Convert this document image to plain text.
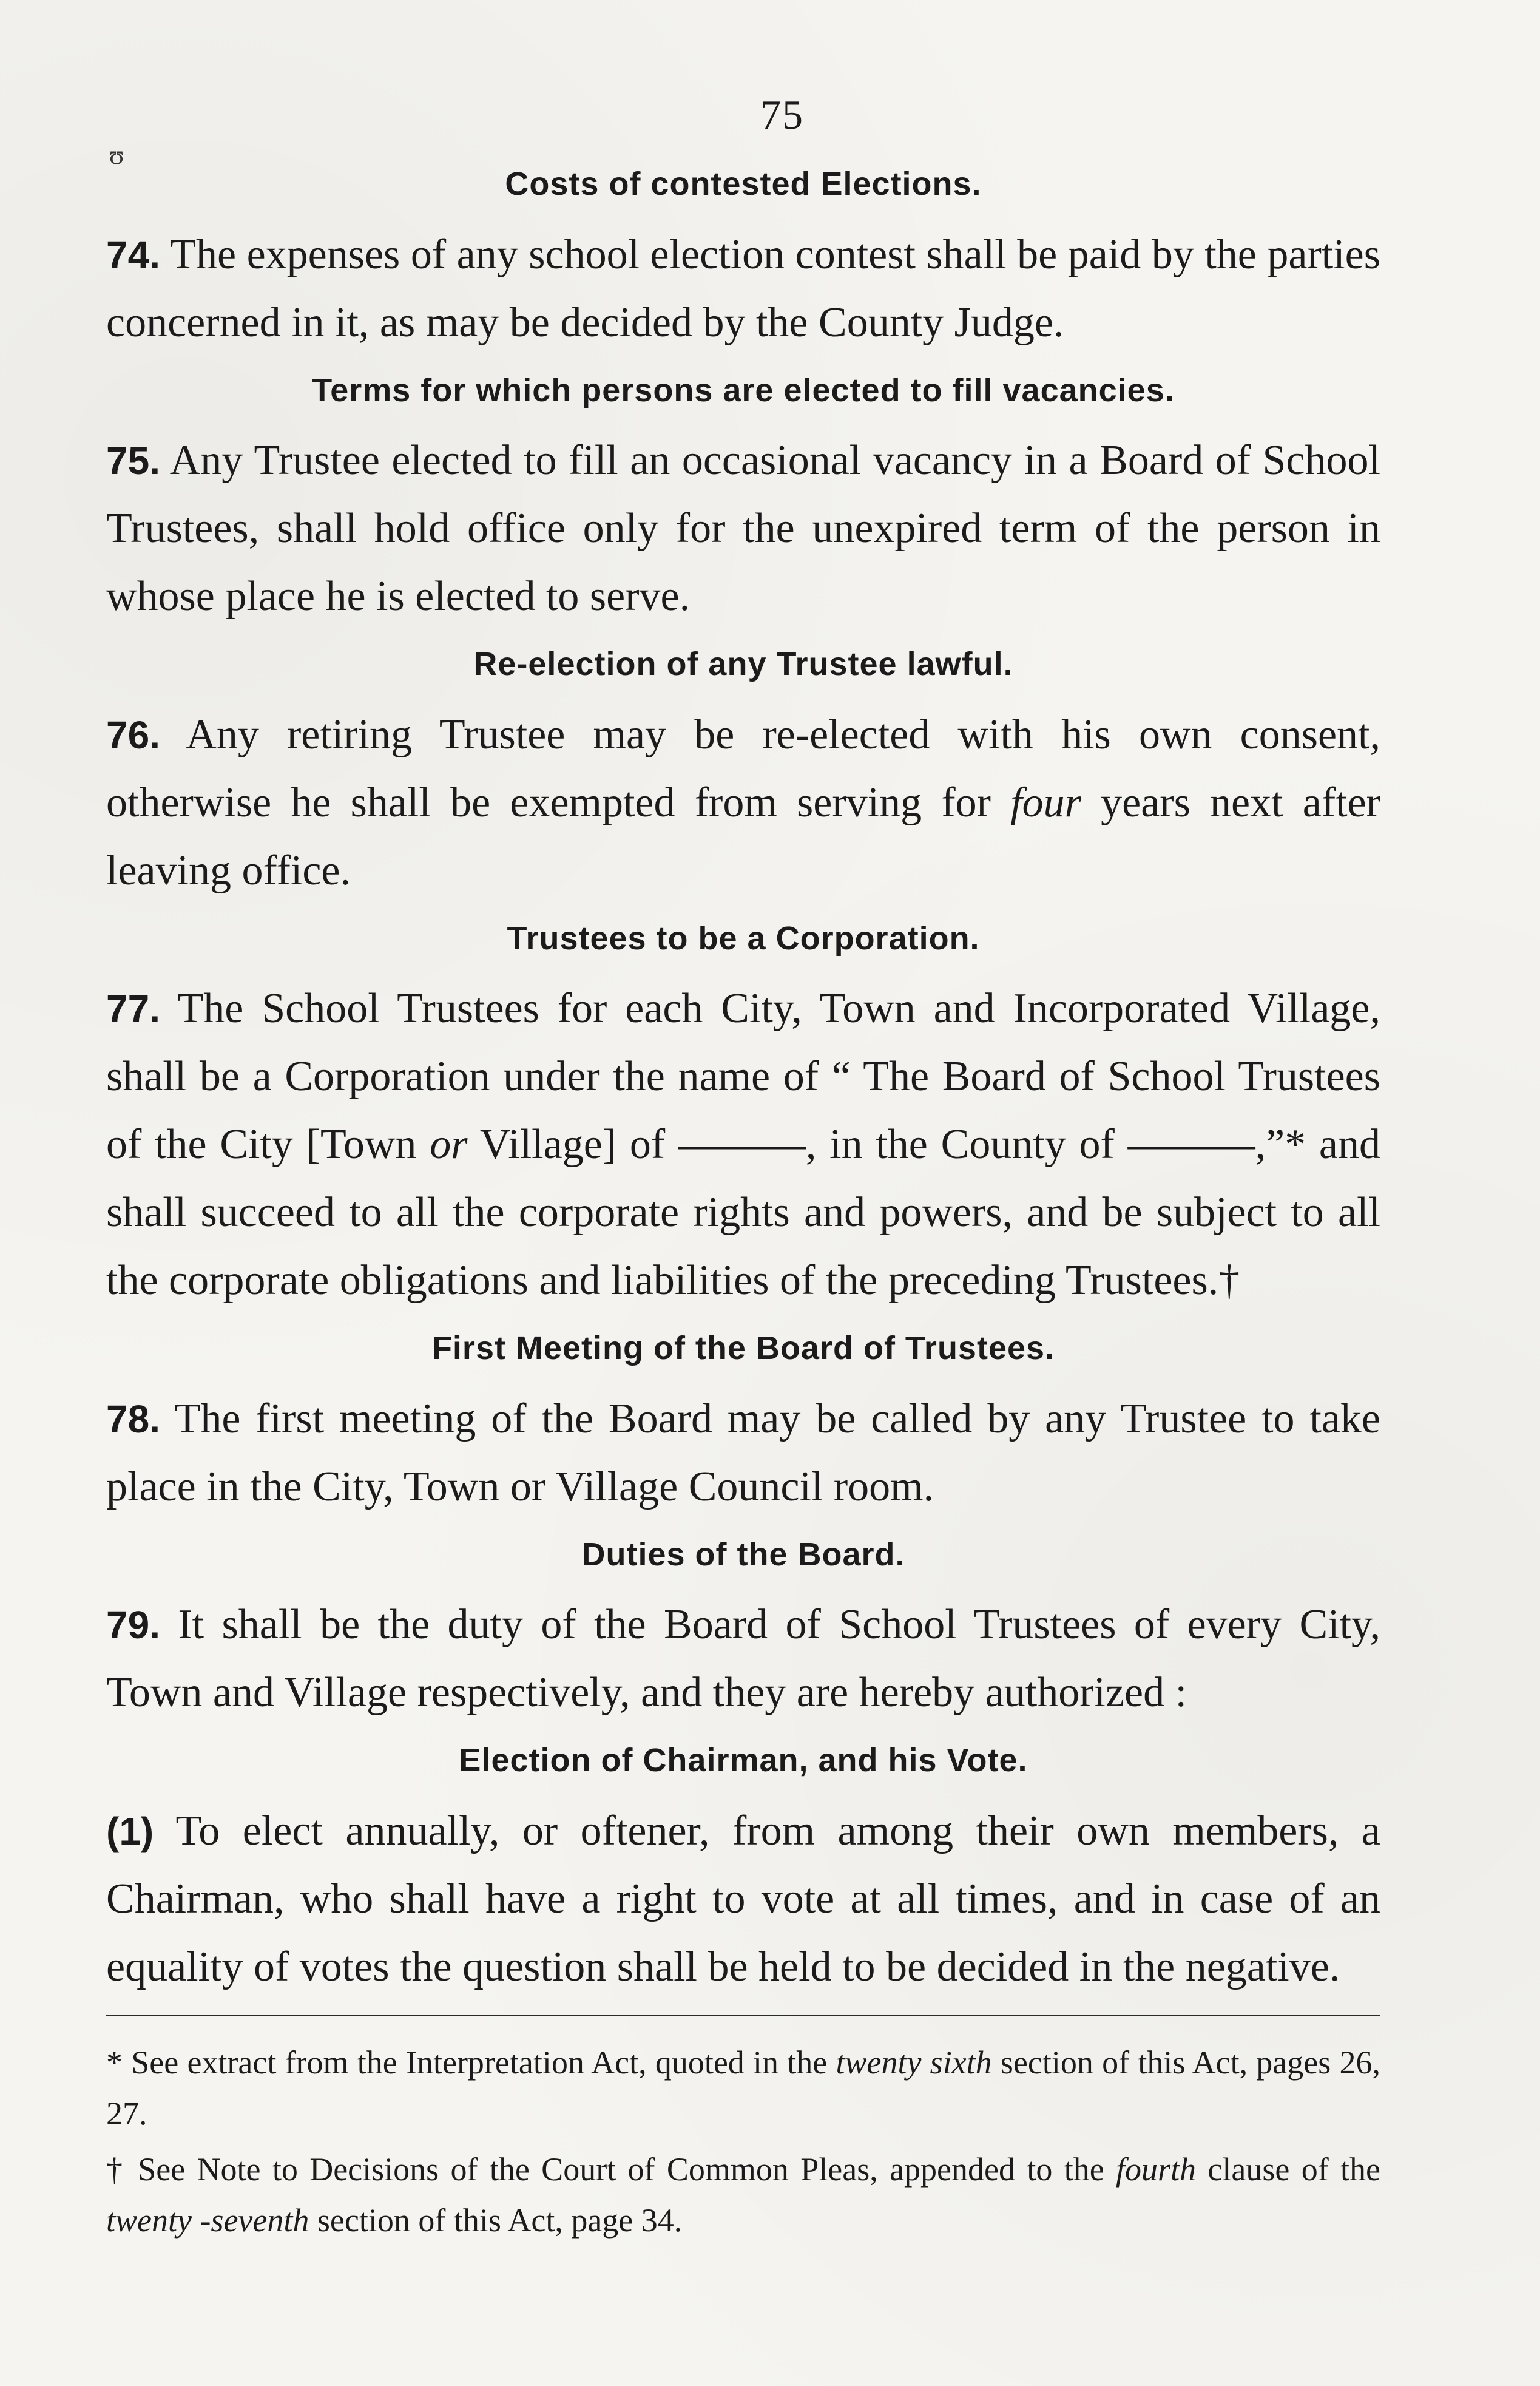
75
ʊ
Costs of contested Elections.

74. The expenses of any school election contest shall be paid by the parties concerned in it, as may be decided by the County Judge.

Terms for which persons are elected to fill vacancies.

75. Any Trustee elected to fill an occasional vacancy in a Board of School Trustees, shall hold office only for the unexpired term of the person in whose place he is elected to serve.

Re-election of any Trustee lawful.

76. Any retiring Trustee may be re-elected with his own consent, otherwise he shall be exempted from serving for four years next after leaving office.

Trustees to be a Corporation.

77. The School Trustees for each City, Town and Incorporated Village, shall be a Corporation under the name of “ The Board of School Trustees of the City [Town or Village] of ———, in the County of ———,”* and shall succeed to all the corporate rights and powers, and be subject to all the corporate obligations and liabilities of the preceding Trustees.†

First Meeting of the Board of Trustees.

78. The first meeting of the Board may be called by any Trustee to take place in the City, Town or Village Council room.

Duties of the Board.

79. It shall be the duty of the Board of School Trustees of every City, Town and Village respectively, and they are hereby authorized :

Election of Chairman, and his Vote.

(1) To elect annually, or oftener, from among their own members, a Chairman, who shall have a right to vote at all times, and in case of an equality of votes the question shall be held to be decided in the negative.

* See extract from the Interpretation Act, quoted in the twenty sixth section of this Act, pages 26, 27.

† See Note to Decisions of the Court of Common Pleas, appended to the fourth clause of the twenty -seventh section of this Act, page 34.
